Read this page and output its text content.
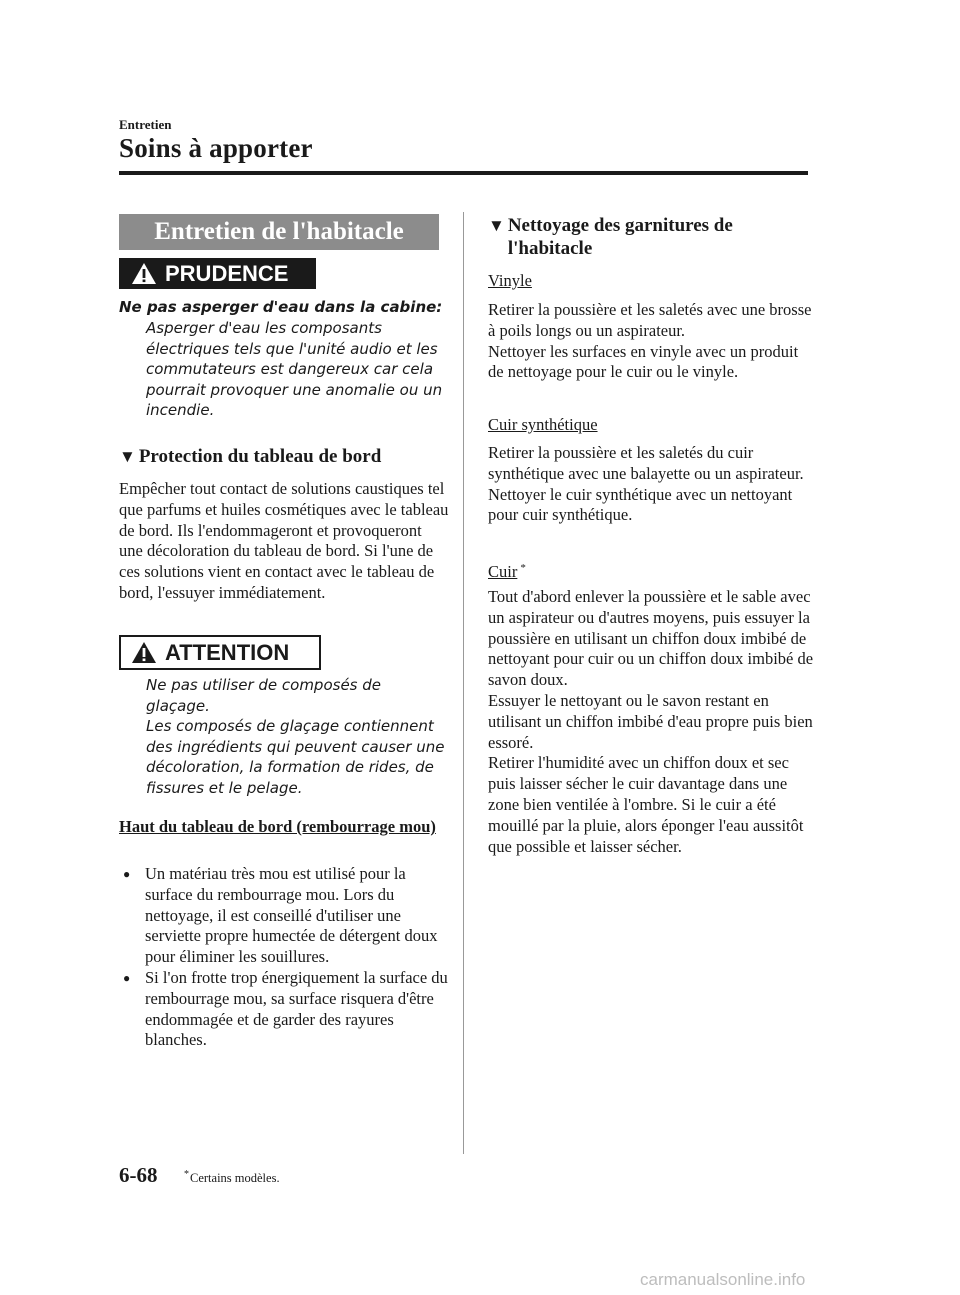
Entretien
Soins à apporter
Entretien de l'habitacle
PRUDENCE
Ne pas asperger d'eau dans la cabine:
Asperger d'eau les composants électriques tels que l'unité audio et les commutateurs est dangereux car cela pourrait provoquer une anomalie ou un incendie.
▼ Protection du tableau de bord
Empêcher tout contact de solutions caustiques tel que parfums et huiles cosmétiques avec le tableau de bord. Ils l'endommageront et provoqueront une décoloration du tableau de bord. Si l'une de ces solutions vient en contact avec le tableau de bord, l'essuyer immédiatement.
ATTENTION
Ne pas utiliser de composés de glaçage.
Les composés de glaçage contiennent des ingrédients qui peuvent causer une décoloration, la formation de rides, de fissures et le pelage.
Haut du tableau de bord (rembourrage mou)
● Un matériau très mou est utilisé pour la surface du rembourrage mou. Lors du nettoyage, il est conseillé d'utiliser une serviette propre humectée de détergent doux pour éliminer les souillures.
● Si l'on frotte trop énergiquement la surface du rembourrage mou, sa surface risquera d'être endommagée et de garder des rayures blanches.
▼ Nettoyage des garnitures de l'habitacle
Vinyle
Retirer la poussière et les saletés avec une brosse à poils longs ou un aspirateur.
Nettoyer les surfaces en vinyle avec un produit de nettoyage pour le cuir ou le vinyle.
Cuir synthétique
Retirer la poussière et les saletés du cuir synthétique avec une balayette ou un aspirateur.
Nettoyer le cuir synthétique avec un nettoyant pour cuir synthétique.
Cuir *
Tout d'abord enlever la poussière et le sable avec un aspirateur ou d'autres moyens, puis essuyer la poussière en utilisant un chiffon doux imbibé de nettoyant pour cuir ou un chiffon doux imbibé de savon doux.
Essuyer le nettoyant ou le savon restant en utilisant un chiffon imbibé d'eau propre puis bien essoré.
Retirer l'humidité avec un chiffon doux et sec puis laisser sécher le cuir davantage dans une zone bien ventilée à l'ombre. Si le cuir a été mouillé par la pluie, alors éponger l'eau aussitôt que possible et laisser sécher.
6-68	*Certains modèles.
carmanualsonline.info
